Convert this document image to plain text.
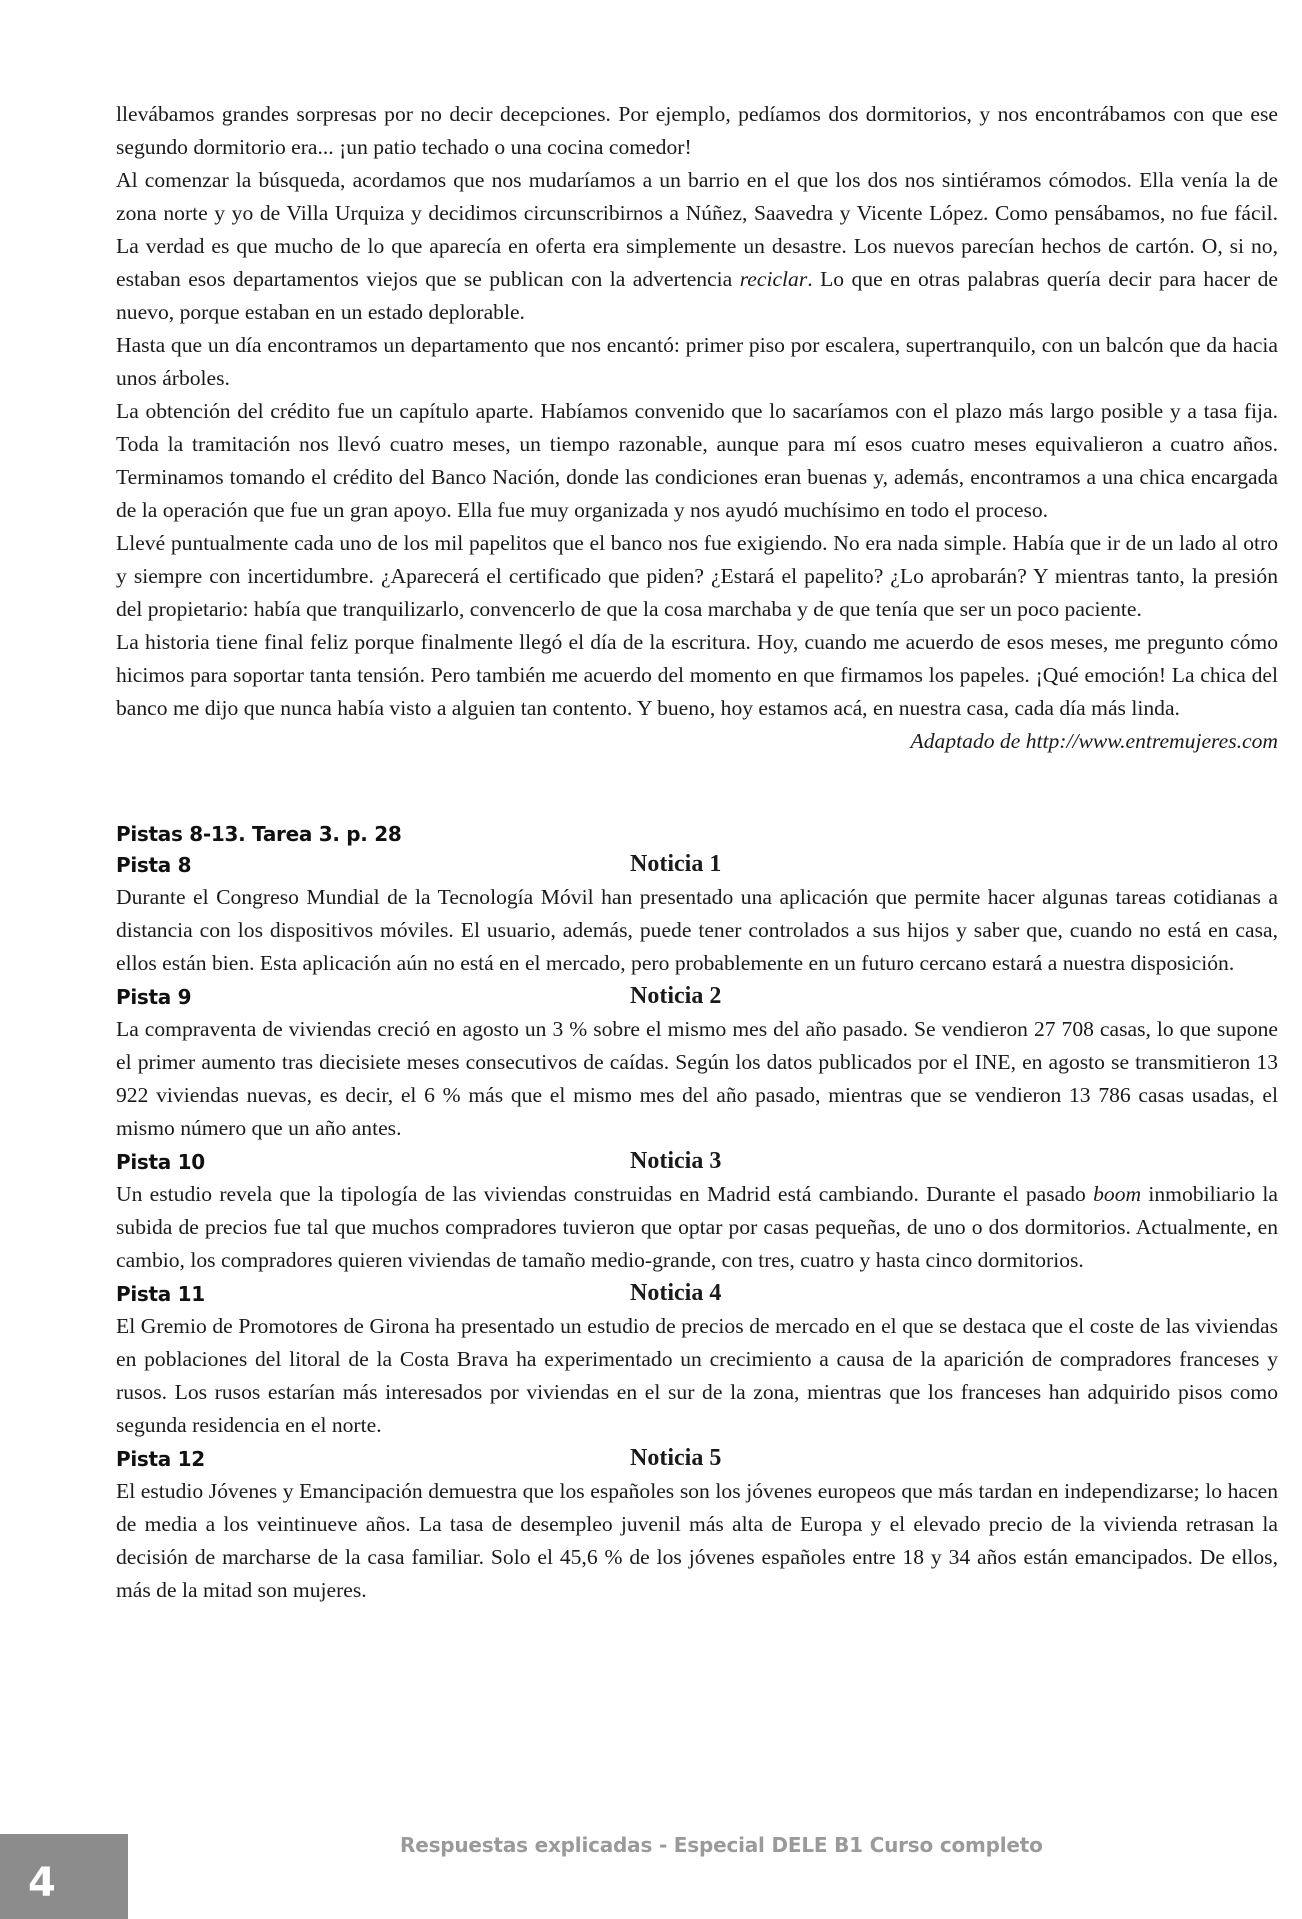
llevábamos grandes sorpresas por no decir decepciones. Por ejemplo, pedíamos dos dormitorios, y nos encontrábamos con que ese segundo dormitorio era... ¡un patio techado o una cocina comedor!

Al comenzar la búsqueda, acordamos que nos mudaríamos a un barrio en el que los dos nos sintiéramos cómodos. Ella venía la de zona norte y yo de Villa Urquiza y decidimos circunscribirnos a Núñez, Saavedra y Vicente López. Como pensábamos, no fue fácil. La verdad es que mucho de lo que aparecía en oferta era simplemente un desastre. Los nuevos parecían hechos de cartón. O, si no, estaban esos departamentos viejos que se publican con la advertencia reciclar. Lo que en otras palabras quería decir para hacer de nuevo, porque estaban en un estado deplorable.

Hasta que un día encontramos un departamento que nos encantó: primer piso por escalera, supertranquilo, con un balcón que da hacia unos árboles.

La obtención del crédito fue un capítulo aparte. Habíamos convenido que lo sacaríamos con el plazo más largo posible y a tasa fija. Toda la tramitación nos llevó cuatro meses, un tiempo razonable, aunque para mí esos cuatro meses equivalieron a cuatro años. Terminamos tomando el crédito del Banco Nación, donde las condiciones eran buenas y, además, encontramos a una chica encargada de la operación que fue un gran apoyo. Ella fue muy organizada y nos ayudó muchísimo en todo el proceso.

Llevé puntualmente cada uno de los mil papelitos que el banco nos fue exigiendo. No era nada simple. Había que ir de un lado al otro y siempre con incertidumbre. ¿Aparecerá el certificado que piden? ¿Estará el papelito? ¿Lo aprobarán? Y mientras tanto, la presión del propietario: había que tranquilizarlo, convencerlo de que la cosa marchaba y de que tenía que ser un poco paciente.

La historia tiene final feliz porque finalmente llegó el día de la escritura. Hoy, cuando me acuerdo de esos meses, me pregunto cómo hicimos para soportar tanta tensión. Pero también me acuerdo del momento en que firmamos los papeles. ¡Qué emoción! La chica del banco me dijo que nunca había visto a alguien tan contento. Y bueno, hoy estamos acá, en nuestra casa, cada día más linda.

Adaptado de http://www.entremujeres.com

Pistas 8-13. Tarea 3. p. 28
Pista 8	Noticia 1

Durante el Congreso Mundial de la Tecnología Móvil han presentado una aplicación que permite hacer algunas tareas cotidianas a distancia con los dispositivos móviles. El usuario, además, puede tener controlados a sus hijos y saber que, cuando no está en casa, ellos están bien. Esta aplicación aún no está en el mercado, pero probablemente en un futuro cercano estará a nuestra disposición.

Pista 9	Noticia 2

La compraventa de viviendas creció en agosto un 3 % sobre el mismo mes del año pasado. Se vendieron 27 708 casas, lo que supone el primer aumento tras diecisiete meses consecutivos de caídas. Según los datos publicados por el INE, en agosto se transmitieron 13 922 viviendas nuevas, es decir, el 6 % más que el mismo mes del año pasado, mientras que se vendieron 13 786 casas usadas, el mismo número que un año antes.

Pista 10	Noticia 3

Un estudio revela que la tipología de las viviendas construidas en Madrid está cambiando. Durante el pasado boom inmobiliario la subida de precios fue tal que muchos compradores tuvieron que optar por casas pequeñas, de uno o dos dormitorios. Actualmente, en cambio, los compradores quieren viviendas de tamaño medio-grande, con tres, cuatro y hasta cinco dormitorios.

Pista 11	Noticia 4

El Gremio de Promotores de Girona ha presentado un estudio de precios de mercado en el que se destaca que el coste de las viviendas en poblaciones del litoral de la Costa Brava ha experimentado un crecimiento a causa de la aparición de compradores franceses y rusos. Los rusos estarían más interesados por viviendas en el sur de la zona, mientras que los franceses han adquirido pisos como segunda residencia en el norte.

Pista 12	Noticia 5

El estudio Jóvenes y Emancipación demuestra que los españoles son los jóvenes europeos que más tardan en independizarse; lo hacen de media a los veintinueve años. La tasa de desempleo juvenil más alta de Europa y el elevado precio de la vivienda retrasan la decisión de marcharse de la casa familiar. Solo el 45,6 % de los jóvenes españoles entre 18 y 34 años están emancipados. De ellos, más de la mitad son mujeres.

4
Respuestas explicadas - Especial DELE B1 Curso completo
